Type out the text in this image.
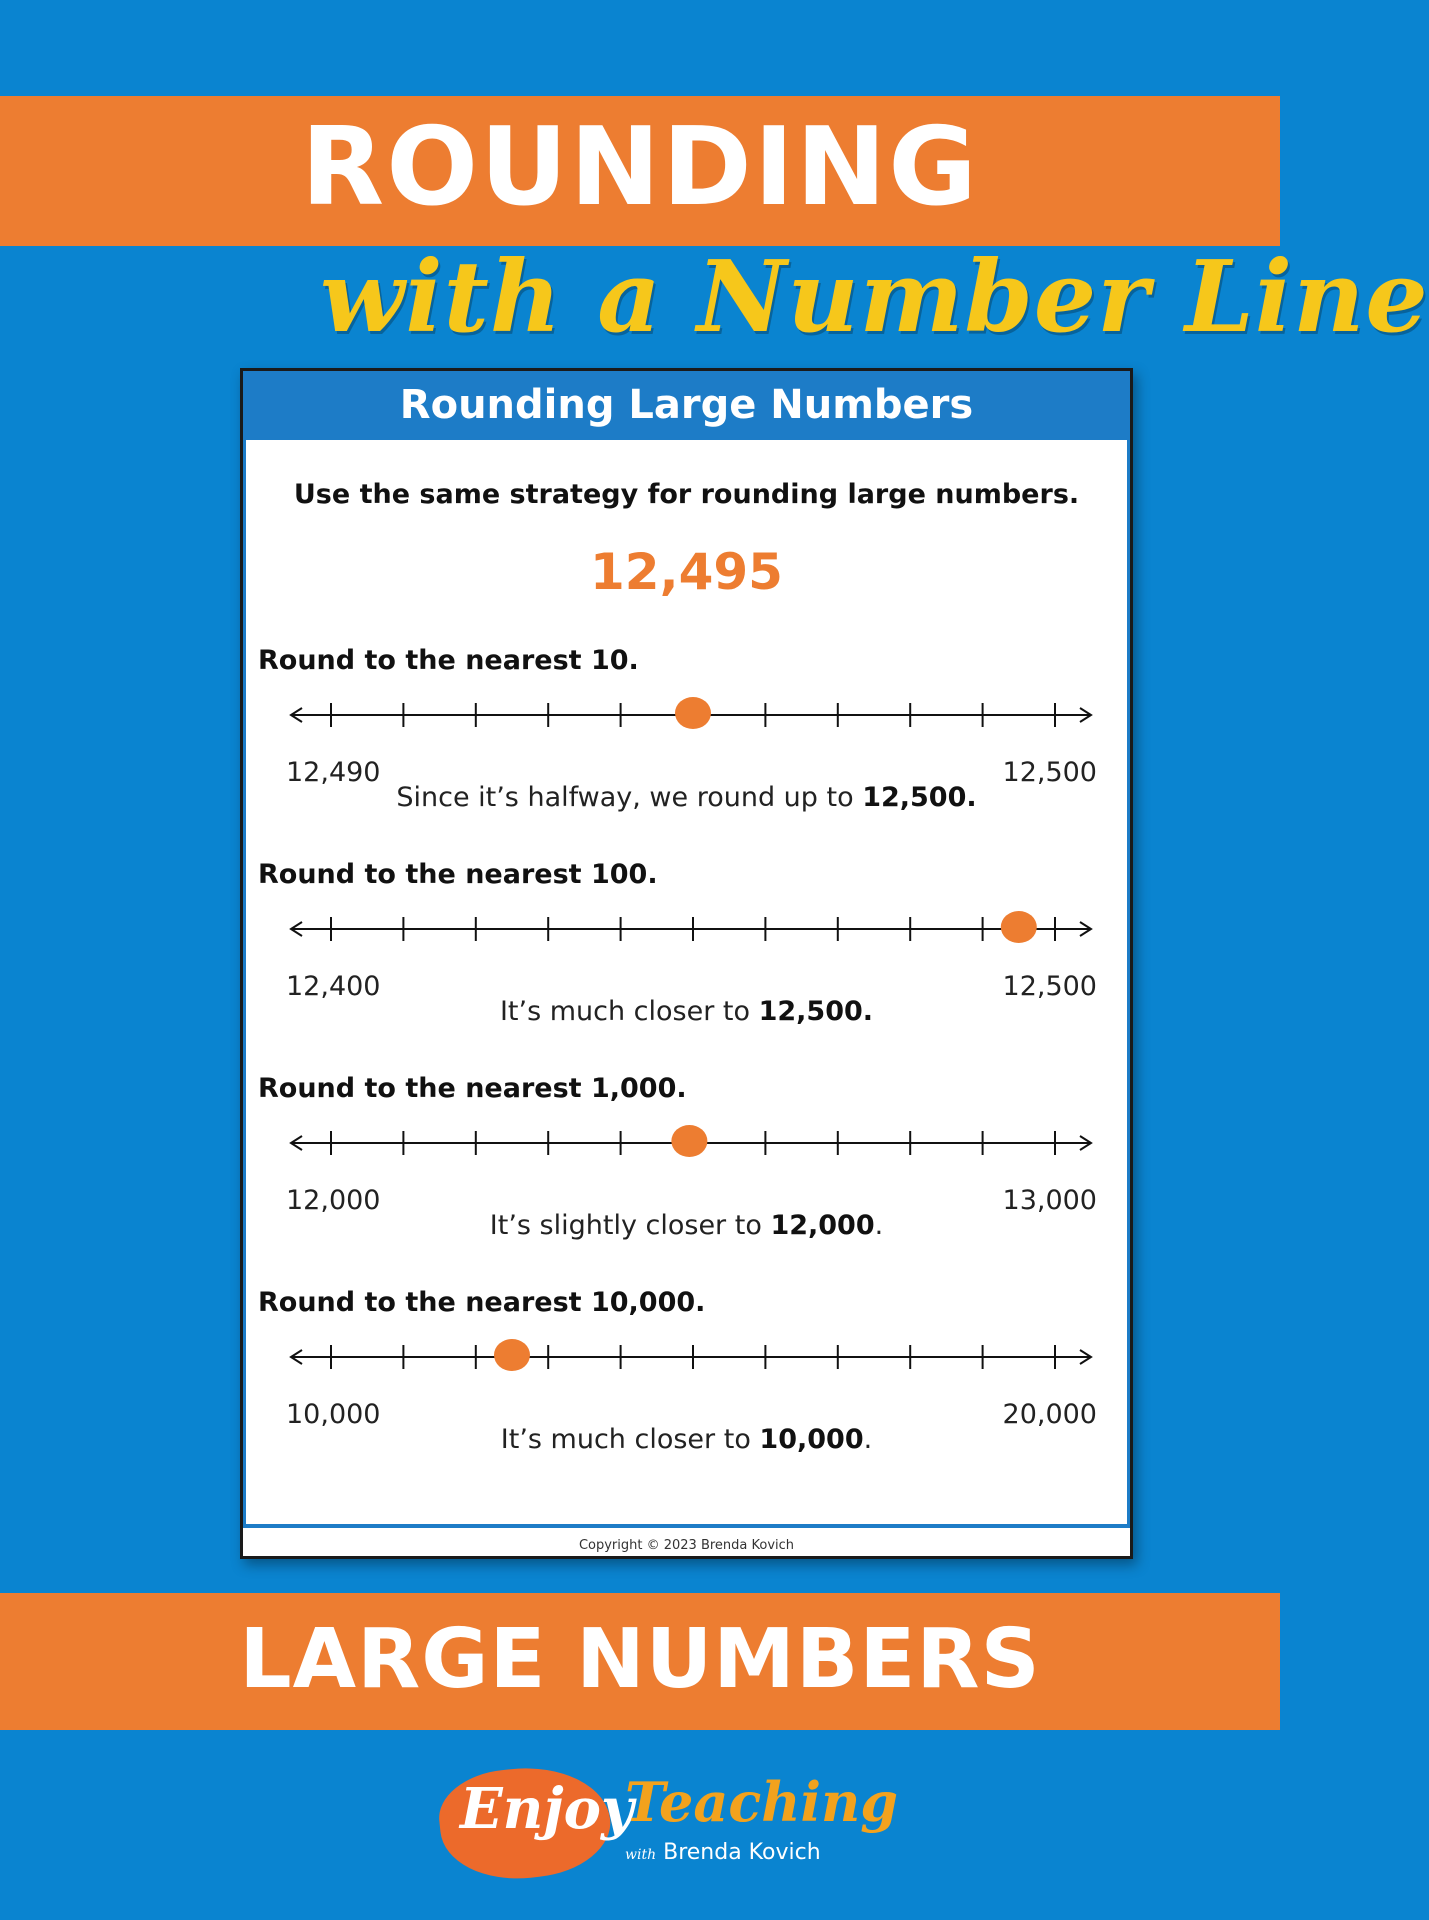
ROUNDING
with a Number Line
Rounding Large Numbers
Use the same strategy for rounding large numbers.
12,495
Round to the nearest 10.
12,490	12,500
Since it’s halfway, we round up to 12,500.
Round to the nearest 100.
12,400	12,500
It’s much closer to 12,500.
Round to the nearest 1,000.
12,000	13,000
It’s slightly closer to 12,000.
Round to the nearest 10,000.
10,000	20,000
It’s much closer to 10,000.
Copyright © 2023 Brenda Kovich
LARGE NUMBERS
Enjoy
Teaching
with Brenda Kovich
